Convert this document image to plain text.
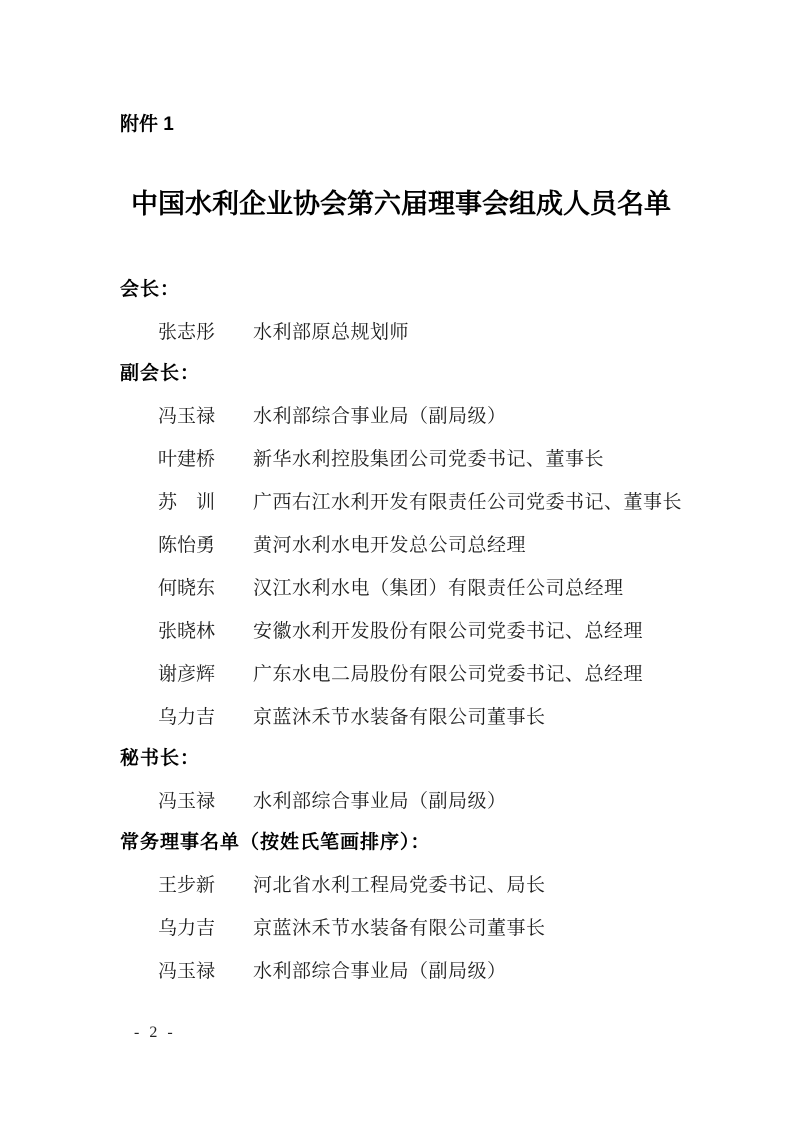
附件 1
中国水利企业协会第六届理事会组成人员名单
会长：
张志彤	水利部原总规划师
副会长：
冯玉禄	水利部综合事业局（副局级）
叶建桥	新华水利控股集团公司党委书记、董事长
苏　训	广西右江水利开发有限责任公司党委书记、董事长
陈怡勇	黄河水利水电开发总公司总经理
何晓东	汉江水利水电（集团）有限责任公司总经理
张晓林	安徽水利开发股份有限公司党委书记、总经理
谢彦辉	广东水电二局股份有限公司党委书记、总经理
乌力吉	京蓝沐禾节水装备有限公司董事长
秘书长：
冯玉禄	水利部综合事业局（副局级）
常务理事名单（按姓氏笔画排序）：
王步新	河北省水利工程局党委书记、局长
乌力吉	京蓝沐禾节水装备有限公司董事长
冯玉禄	水利部综合事业局（副局级）
- 2 -
